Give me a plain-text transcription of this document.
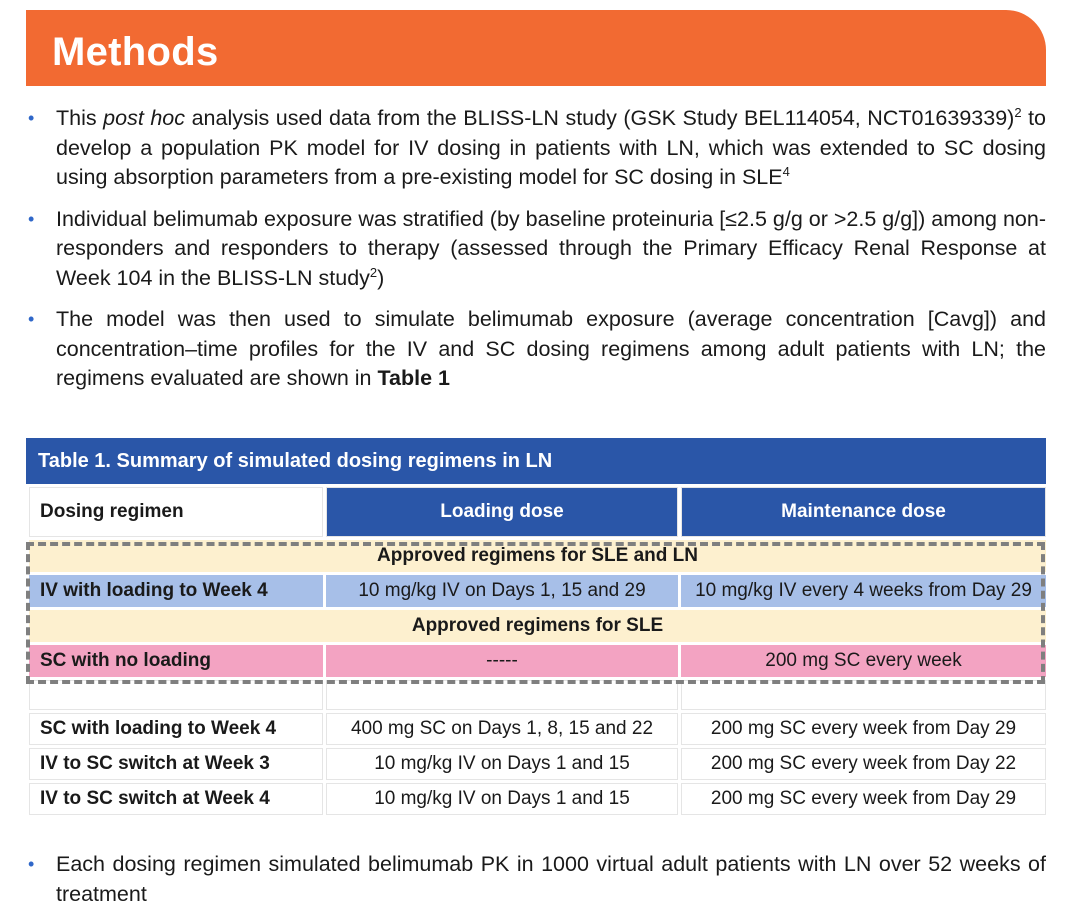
Methods
• This post hoc analysis used data from the BLISS-LN study (GSK Study BEL114054, NCT01639339)$^2$ to develop a population PK model for IV dosing in patients with LN, which was extended to SC dosing using absorption parameters from a pre-existing model for SC dosing in SLE$^4$
• Individual belimumab exposure was stratified (by baseline proteinuria [≤2.5 g/g or >2.5 g/g]) among non-responders and responders to therapy (assessed through the Primary Efficacy Renal Response at Week 104 in the BLISS-LN study$^2$)
• The model was then used to simulate belimumab exposure (average concentration [Cavg]) and concentration–time profiles for the IV and SC dosing regimens among adult patients with LN; the regimens evaluated are shown in Table 1
Table 1. Summary of simulated dosing regimens in LN
Dosing regimen	Loading dose	Maintenance dose
Approved regimens for SLE and LN		
IV with loading to Week 4	10 mg/kg IV on Days 1, 15 and 29	10 mg/kg IV every 4 weeks from Day 29
Approved regimens for SLE		
SC with no loading	-----	200 mg SC every week

SC with loading to Week 4	400 mg SC on Days 1, 8, 15 and 22	200 mg SC every week from Day 29
IV to SC switch at Week 3	10 mg/kg IV on Days 1 and 15	200 mg SC every week from Day 22
IV to SC switch at Week 4	10 mg/kg IV on Days 1 and 15	200 mg SC every week from Day 29
• Each dosing regimen simulated belimumab PK in 1000 virtual adult patients with LN over 52 weeks of treatment
